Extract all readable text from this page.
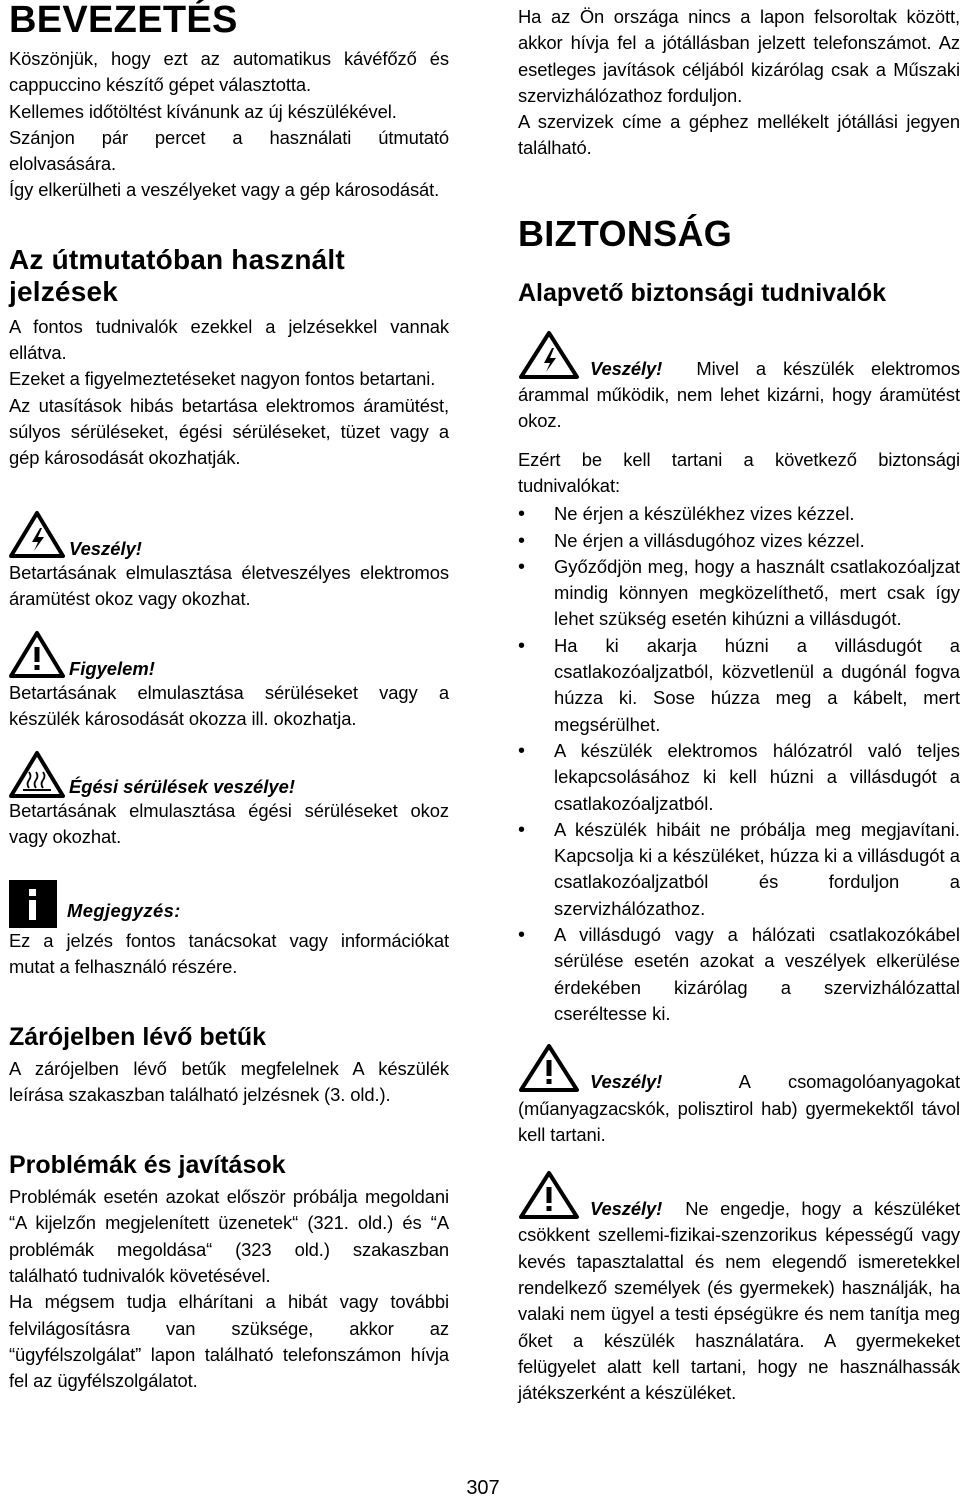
BEVEZETÉS

Köszönjük, hogy ezt az automatikus kávéfőző és cappuccino készítő gépet választotta.

Kellemes időtöltést kívánunk az új készülékével.

Szánjon pár percet a használati útmutató elolvasására.

Így elkerülheti a veszélyeket vagy a gép károsodását.

Az útmutatóban használt jelzések

A fontos tudnivalók ezekkel a jelzésekkel vannak ellátva.

Ezeket a figyelmeztetéseket nagyon fontos betartani.

Az utasítások hibás betartása elektromos áramütést, súlyos sérüléseket, égési sérüléseket, tüzet vagy a gép károsodását okozhatják.

Veszély!

Betartásának elmulasztása életveszélyes elektromos áramütést okoz vagy okozhat.

Figyelem!

Betartásának elmulasztása sérüléseket vagy a készülék károsodását okozza ill. okozhatja.

Égési sérülések veszélye!

Betartásának elmulasztása égési sérüléseket okoz vagy okozhat.

Megjegyzés:

Ez a jelzés fontos tanácsokat vagy információkat mutat a felhasználó részére.

Zárójelben lévő betűk

A zárójelben lévő betűk megfelelnek A készülék leírása szakaszban található jelzésnek (3. old.).

Problémák és javítások

Problémák esetén azokat először próbálja megoldani “A kijelzőn megjelenített üzenetek“ (321. old.) és “A problémák megoldása“ (323 old.) szakaszban található tudnivalók követésével.

Ha mégsem tudja elhárítani a hibát vagy további felvilágosításra van szüksége, akkor az “ügyfélszolgálat” lapon található telefonszámon hívja fel az ügyfélszolgálatot.

Ha az Ön országa nincs a lapon felsoroltak között, akkor hívja fel a jótállásban jelzett telefonszámot. Az esetleges javítások céljából kizárólag csak a Műszaki szervizhálózathoz forduljon.

A szervizek címe a géphez mellékelt jótállási jegyen található.

BIZTONSÁG
Alapvető biztonsági tudnivalók

Veszély! Mivel a készülék elektromos árammal működik, nem lehet kizárni, hogy áramütést okoz.

Ezért be kell tartani a következő biztonsági tudnivalókat:

• Ne érjen a készülékhez vizes kézzel.
• Ne érjen a villásdugóhoz vizes kézzel.
• Győződjön meg, hogy a használt csatlakozóaljzat mindig könnyen megközelíthető, mert csak így lehet szükség esetén kihúzni a villásdugót.
• Ha ki akarja húzni a villásdugót a csatlakozóaljzatból, közvetlenül a dugónál fogva húzza ki. Sose húzza meg a kábelt, mert megsérülhet.
• A készülék elektromos hálózatról való teljes lekapcsolásához ki kell húzni a villásdugót a csatlakozóaljzatból.
• A készülék hibáit ne próbálja meg megjavítani. Kapcsolja ki a készüléket, húzza ki a villásdugót a csatlakozóaljzatból és forduljon a szervizhálózathoz.
• A villásdugó vagy a hálózati csatlakozókábel sérülése esetén azokat a veszélyek elkerülése érdekében kizárólag a szervizhálózattal cseréltesse ki.

Veszély!	A csomagolóanyagokat (műanyagzacskók, polisztirol hab) gyermekektől távol kell tartani.

Veszély! Ne engedje, hogy a készüléket csökkent szellemi-fizikai-szenzorikus képességű vagy kevés tapasztalattal és nem elegendő ismeretekkel rendelkező személyek (és gyermekek) használják, ha valaki nem ügyel a testi épségükre és nem tanítja meg őket a készülék használatára. A gyermekeket felügyelet alatt kell tartani, hogy ne használhassák játékszerként a készüléket.

307
